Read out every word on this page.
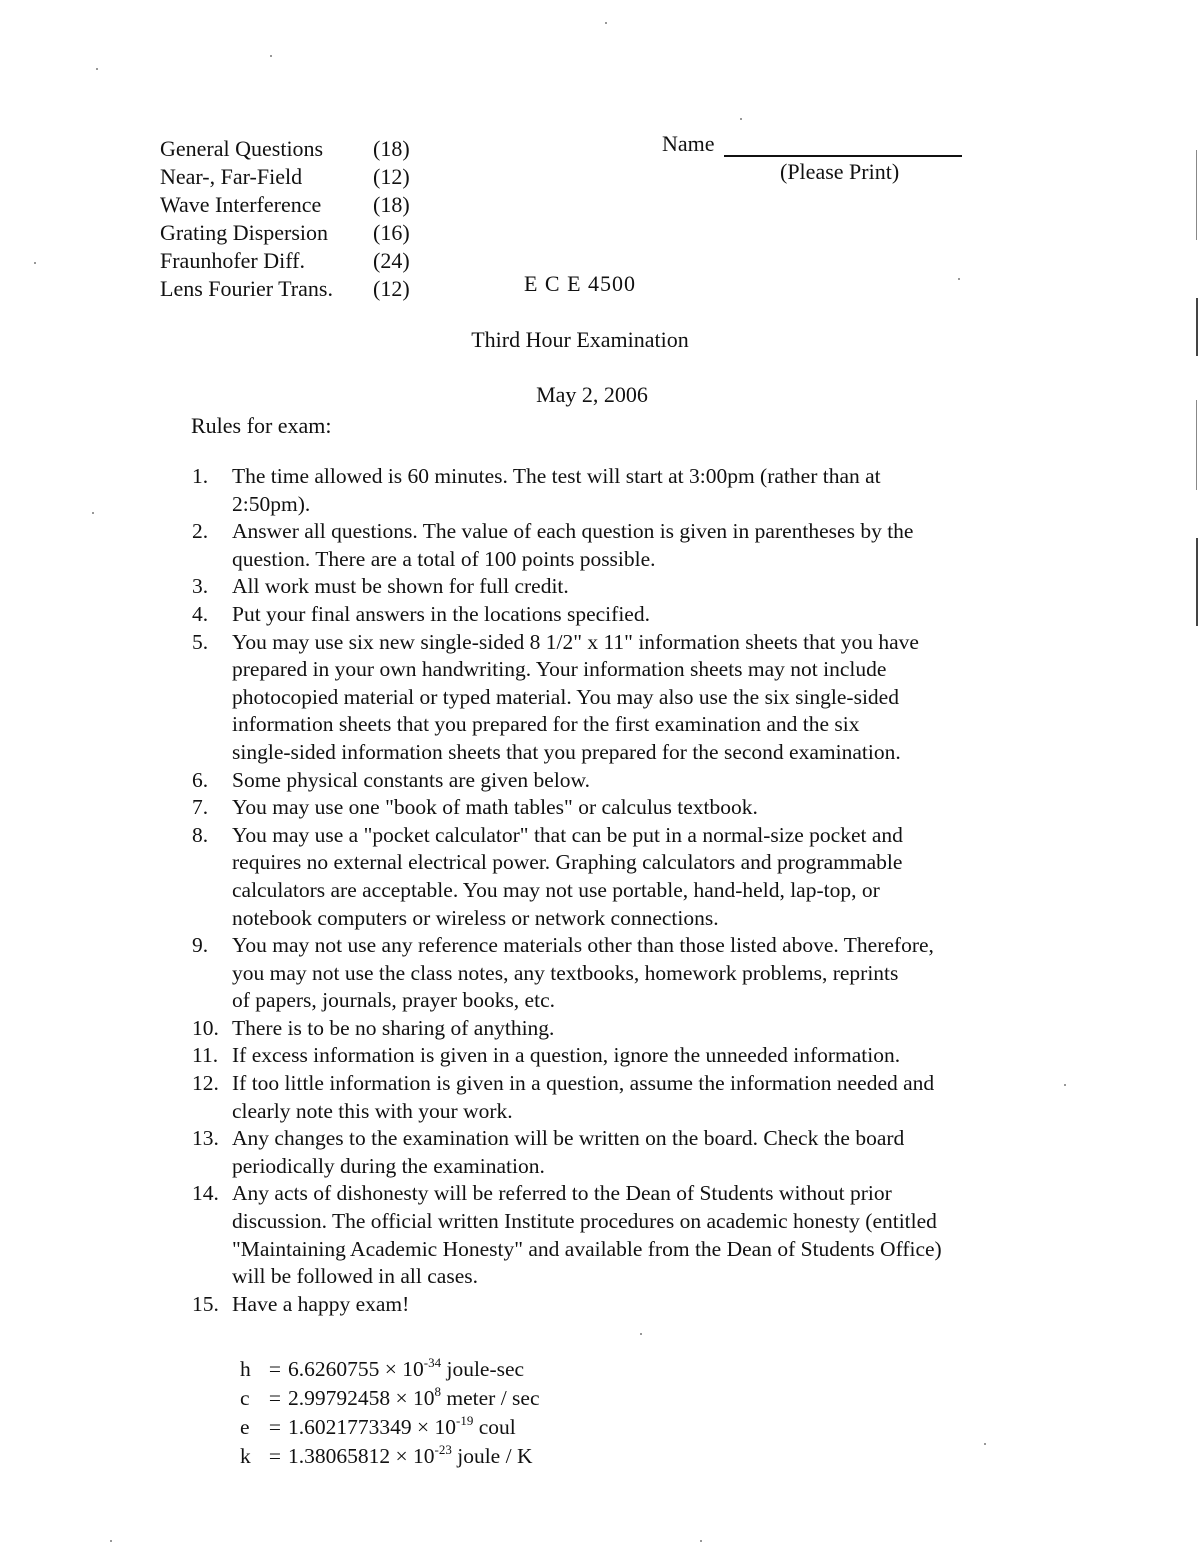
General Questions (18)
Near-, Far-Field	(12)
Wave Interference (18)
Grating Dispersion (16)
Fraunhofer Diff.	(24)
Lens Fourier Trans. (12)
Name
(Please Print)
E C E 4500
Third Hour Examination
May 2, 2006
Rules for exam:
1.	The time allowed is 60 minutes. The test will start at 3:00pm (rather than at
2:50pm).
2.	Answer all questions. The value of each question is given in parentheses by the
question. There are a total of 100 points possible.
3.	All work must be shown for full credit.
4.	Put your final answers in the locations specified.
5.	You may use six new single-sided 8 1/2" x 11" information sheets that you have
prepared in your own handwriting. Your information sheets may not include
photocopied material or typed material. You may also use the six single-sided
information sheets that you prepared for the first examination and the six
single-sided information sheets that you prepared for the second examination.
6.	Some physical constants are given below.
7.	You may use one "book of math tables" or calculus textbook.
8.	You may use a "pocket calculator" that can be put in a normal-size pocket and
requires no external electrical power. Graphing calculators and programmable
calculators are acceptable. You may not use portable, hand-held, lap-top, or
notebook computers or wireless or network connections.
9.	You may not use any reference materials other than those listed above. Therefore,
you may not use the class notes, any textbooks, homework problems, reprints
of papers, journals, prayer books, etc.
10. There is to be no sharing of anything.
11. If excess information is given in a question, ignore the unneeded information.
12. If too little information is given in a question, assume the information needed and
clearly note this with your work.
13. Any changes to the examination will be written on the board. Check the board
periodically during the examination.
14. Any acts of dishonesty will be referred to the Dean of Students without prior
discussion. The official written Institute procedures on academic honesty (entitled
"Maintaining Academic Honesty" and available from the Dean of Students Office)
will be followed in all cases.
15. Have a happy exam!
$h = 6.6260755 \times 10^{-34}$ joule-sec
$c = 2.99792458 \times 10^8$ meter / sec
$e = 1.6021773349 \times 10^{-19}$ coul
$k = 1.38065812 \times 10^{-23}$ joule / K
